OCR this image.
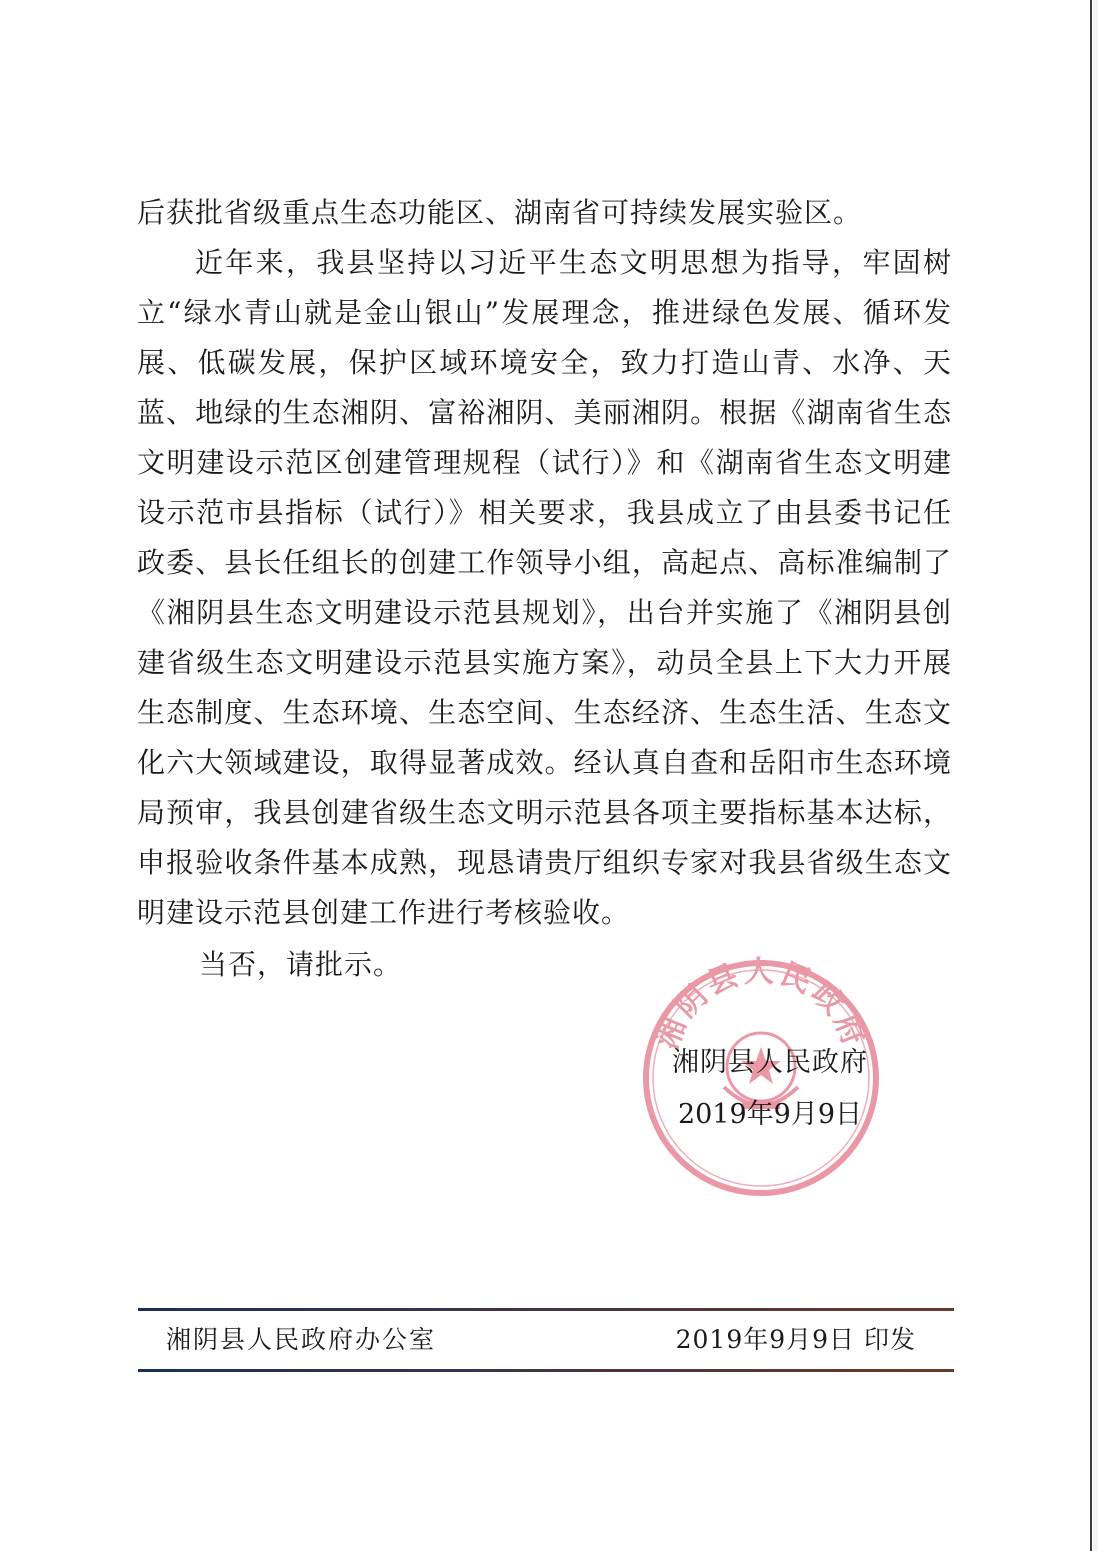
后获批省级重点生态功能区、湖南省可持续发展实验区。

近年来，我县坚持以习近平生态文明思想为指导，牢固树立“绿水青山就是金山银山”发展理念，推进绿色发展、循环发展、低碳发展，保护区域环境安全，致力打造山青、水净、天蓝、地绿的生态湘阴、富裕湘阴、美丽湘阴。根据《湖南省生态文明建设示范区创建管理规程（试行）》和《湖南省生态文明建设示范市县指标（试行）》相关要求，我县成立了由县委书记任政委、县长任组长的创建工作领导小组，高起点、高标准编制了《湘阴县生态文明建设示范县规划》，出台并实施了《湘阴县创建省级生态文明建设示范县实施方案》，动员全县上下大力开展生态制度、生态环境、生态空间、生态经济、生态生活、生态文化六大领域建设，取得显著成效。经认真自查和岳阳市生态环境局预审，我县创建省级生态文明示范县各项主要指标基本达标，申报验收条件基本成熟，现恳请贵厅组织专家对我县省级生态文明建设示范县创建工作进行考核验收。

当否，请批示。
湘阴县人民政府
湘阴县人民政府
2019年9月9日
湘阴县人民政府办公室	2019年9月9日 印发
